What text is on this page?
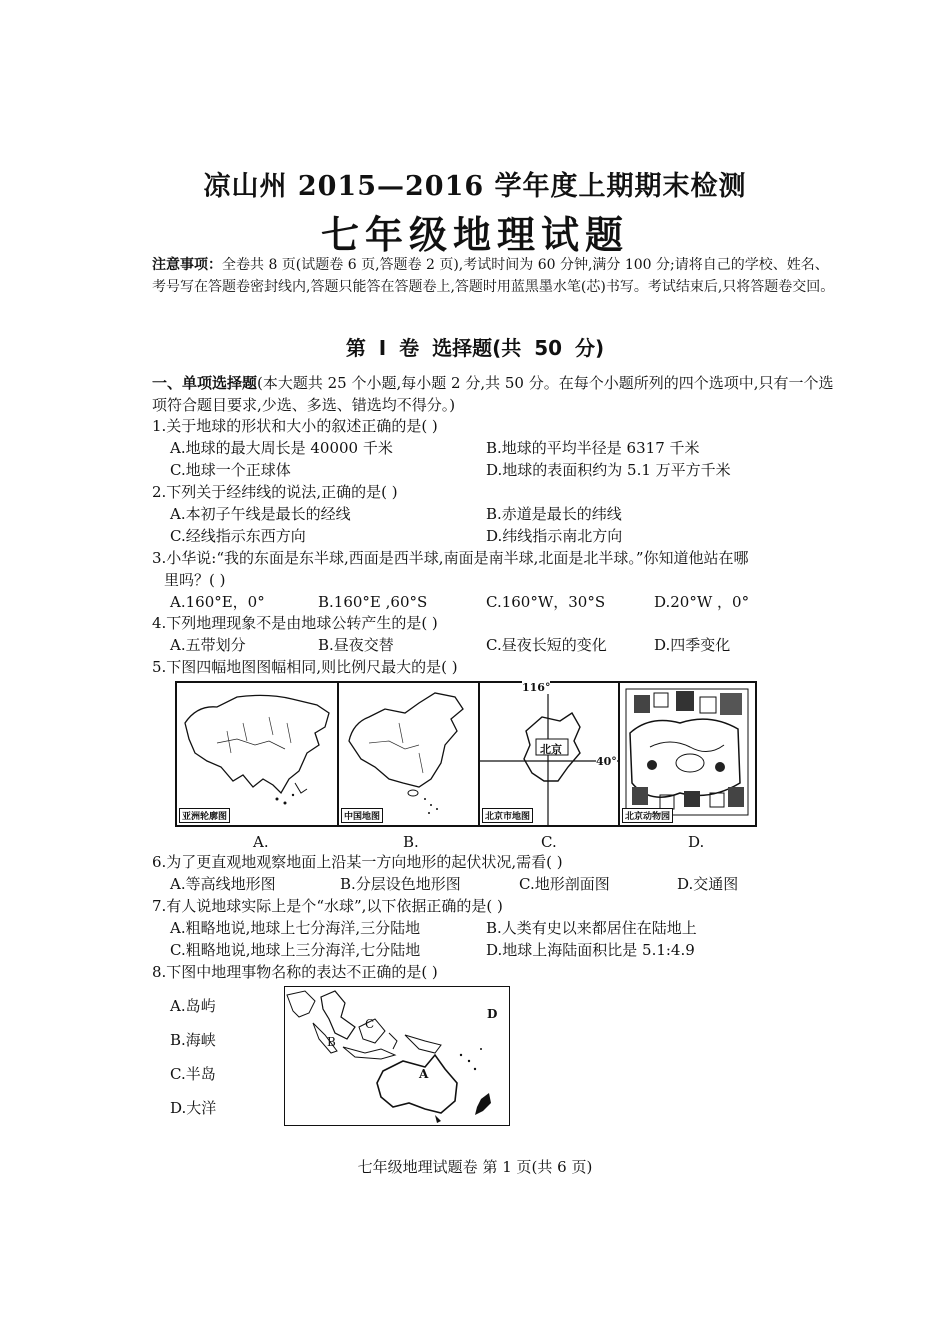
凉山州 2015—2016 学年度上期期末检测
七年级地理试题
注意事项：全卷共 8 页(试题卷 6 页,答题卷 2 页),考试时间为 60 分钟,满分 100 分;请将自己的学校、姓名、考号写在答题卷密封线内,答题只能答在答题卷上,答题时用蓝黑墨水笔(芯)书写。考试结束后,只将答题卷交回。
第 Ⅰ 卷 选择题(共 50 分)
一、单项选择题(本大题共 25 个小题,每小题 2 分,共 50 分。在每个小题所列的四个选项中,只有一个选项符合题目要求,少选、多选、错选均不得分。)
1.关于地球的形状和大小的叙述正确的是( )
A.地球的最大周长是 40000 千米	B.地球的平均半径是 6317 千米
C.地球一个正球体	D.地球的表面积约为 5.1 万平方千米
2.下列关于经纬线的说法,正确的是( )
A.本初子午线是最长的经线	B.赤道是最长的纬线
C.经线指示东西方向	D.纬线指示南北方向
3.小华说:“我的东面是东半球,西面是西半球,南面是南半球,北面是北半球。”你知道他站在哪
里吗？( )
A.160°E，0°	B.160°E ,60°S	C.160°W，30°S	D.20°W ，0°
4.下列地理现象不是由地球公转产生的是( )
A.五带划分	B.昼夜交替	C.昼夜长短的变化	D.四季变化
5.下图四幅地图图幅相同,则比例尺最大的是( )
亚洲轮廓图	中国地图
116°
北京
40°
北京市地图	北京动物园
A.	B.	C.	D.
6.为了更直观地观察地面上沿某一方向地形的起伏状况,需看( )
A.等高线地形图	B.分层设色地形图	C.地形剖面图	D.交通图
7.有人说地球实际上是个“水球”,以下依据正确的是( )
A.粗略地说,地球上七分海洋,三分陆地	B.人类有史以来都居住在陆地上
C.粗略地说,地球上三分海洋,七分陆地	D.地球上海陆面积比是 5.1:4.9
8.下图中地理事物名称的表达不正确的是( )
A.岛屿
B.海峡
C.半岛
D.大洋
B
C
D
A
七年级地理试题卷 第 1 页(共 6 页)
